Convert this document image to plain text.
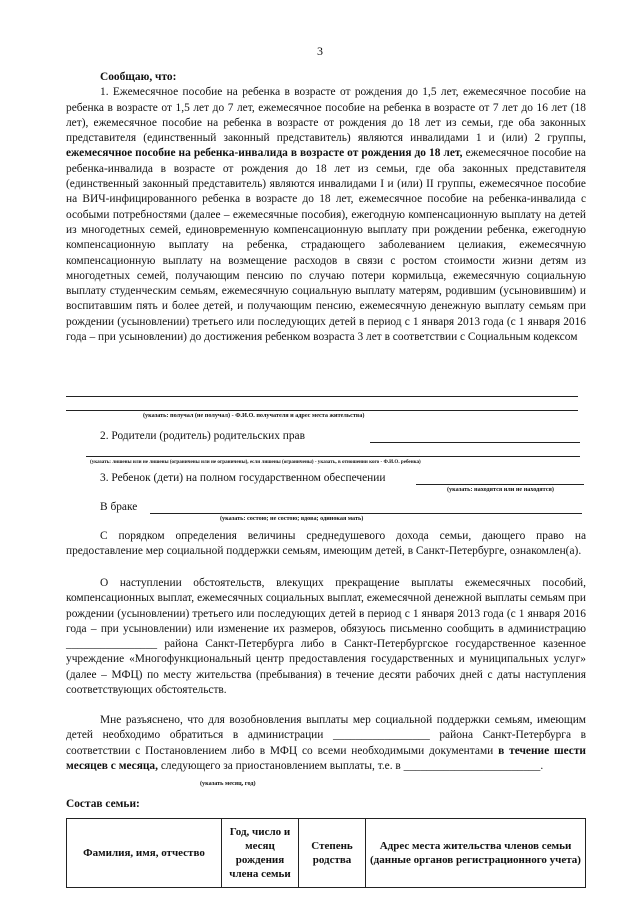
3
Сообщаю, что:
1. Ежемесячное пособие на ребенка в возрасте от рождения до 1,5 лет, ежемесячное пособие на ребенка в возрасте от 1,5 лет до 7 лет, ежемесячное пособие на ребенка в возрасте от 7 лет до 16 лет (18 лет), ежемесячное пособие на ребенка в возрасте от рождения до 18 лет из семьи, где оба законных представителя (единственный законный представитель) являются инвалидами 1 и (или) 2 группы, ежемесячное пособие на ребенка-инвалида в возрасте от рождения до 18 лет, ежемесячное пособие на ребенка-инвалида в возрасте от рождения до 18 лет из семьи, где оба законных представителя (единственный законный представитель) являются инвалидами I и (или) II группы, ежемесячное пособие на ВИЧ-инфицированного ребенка в возрасте до 18 лет, ежемесячное пособие на ребенка-инвалида с особыми потребностями (далее – ежемесячные пособия), ежегодную компенсационную выплату на детей из многодетных семей, единовременную компенсационную выплату при рождении ребенка, ежегодную компенсационную выплату на ребенка, страдающего заболеванием целиакия, ежемесячную компенсационную выплату на возмещение расходов в связи с ростом стоимости жизни детям из многодетных семей, получающим пенсию по случаю потери кормильца, ежемесячную социальную выплату студенческим семьям, ежемесячную социальную выплату матерям, родившим (усыновившим) и воспитавшим пять и более детей, и получающим пенсию, ежемесячную денежную выплату семьям при рождении (усыновлении) третьего или последующих детей в период с 1 января 2013 года (с 1 января 2016 года – при усыновлении) до достижения ребенком возраста 3 лет в соответствии с Социальным кодексом
(указать: получал (не получал) - Ф.И.О. получателя и адрес места жительства)
2. Родители (родитель) родительских прав
(указать: лишены или не лишены (ограничены или не ограничены), если лишены (ограничены) - указать, в отношении кого - Ф.И.О. ребенка)
3. Ребенок (дети) на полном государственном обеспечении
(указать: находятся или не находятся)
В браке
(указать: состою; не состою; вдова; одинокая мать)
С порядком определения величины среднедушевого дохода семьи, дающего право на предоставление мер социальной поддержки семьям, имеющим детей, в Санкт-Петербурге, ознакомлен(а).
О наступлении обстоятельств, влекущих прекращение выплаты ежемесячных пособий, компенсационных выплат, ежемесячных социальных выплат, ежемесячной денежной выплаты семьям при рождении (усыновлении) третьего или последующих детей в период с 1 января 2013 года (с 1 января 2016 года – при усыновлении) или изменение их размеров, обязуюсь письменно сообщить в администрацию ________________ района Санкт-Петербурга либо в Санкт-Петербургское государственное казенное учреждение «Многофункциональный центр предоставления государственных и муниципальных услуг» (далее – МФЦ) по месту жительства (пребывания) в течение десяти рабочих дней с даты наступления соответствующих обстоятельств.
Мне разъяснено, что для возобновления выплаты мер социальной поддержки семьям, имеющим детей необходимо обратиться в администрации _________________ района Санкт-Петербурга в соответствии с Постановлением либо в МФЦ со всеми необходимыми документами в течение шести месяцев с месяца, следующего за приостановлением выплаты, т.е. в ________________________.
(указать месяц, год)
Состав семьи:
Фамилия, имя, отчество	Год, число и месяц рождения члена семьи	Степень родства	Адрес места жительства членов семьи (данные органов регистрационного учета)
